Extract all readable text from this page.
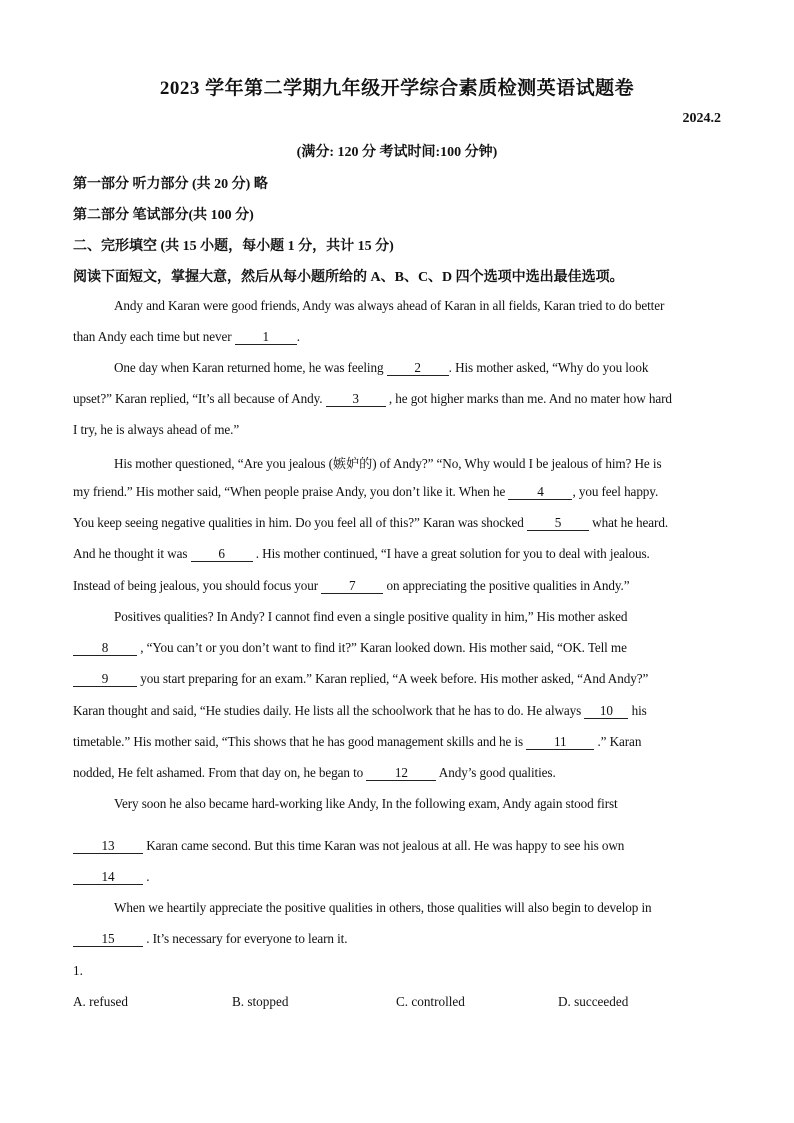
2023 学年第二学期九年级开学综合素质检测英语试题卷
2024.2
(满分: 120 分 考试时间:100 分钟)
第一部分 听力部分 (共 20 分) 略
第二部分 笔试部分(共 100 分)
二、完形填空 (共 15 小题，每小题 1 分，共计 15 分)
阅读下面短文，掌握大意，然后从每小题所给的 A、B、C、D 四个选项中选出最佳选项。
Andy and Karan were good friends, Andy was always ahead of Karan in all fields, Karan tried to do better
than Andy each time but never 1 .
One day when Karan returned home, he was feeling 2 . His mother asked, “Why do you look
upset?” Karan replied, “It’s all because of Andy. 3 , he got higher marks than me. And no mater how hard
I try, he is always ahead of me.”
His mother questioned, “Are you jealous (嫉妒的) of Andy?” “No, Why would I be jealous of him? He is
my friend.” His mother said, “When people praise Andy, you don’t like it. When he 4 , you feel happy.
You keep seeing negative qualities in him. Do you feel all of this?” Karan was shocked 5 what he heard.
And he thought it was 6 . His mother continued, “I have a great solution for you to deal with jealous.
Instead of being jealous, you should focus your 7 on appreciating the positive qualities in Andy.”
Positives qualities? In Andy? I cannot find even a single positive quality in him,” His mother asked
8 , “You can’t or you don’t want to find it?” Karan looked down. His mother said, “OK. Tell me
9 you start preparing for an exam.” Karan replied, “A week before. His mother asked, “And Andy?”
Karan thought and said, “He studies daily. He lists all the schoolwork that he has to do. He always 10 his
timetable.” His mother said, “This shows that he has good management skills and he is 11 .” Karan
nodded, He felt ashamed. From that day on, he began to 12 Andy’s good qualities.
Very soon he also became hard-working like Andy, In the following exam, Andy again stood first
13 Karan came second. But this time Karan was not jealous at all. He was happy to see his own
14 .
When we heartily appreciate the positive qualities in others, those qualities will also begin to develop in
15 . It’s necessary for everyone to learn it.
1.
A. refused	B. stopped	C. controlled	D. succeeded
